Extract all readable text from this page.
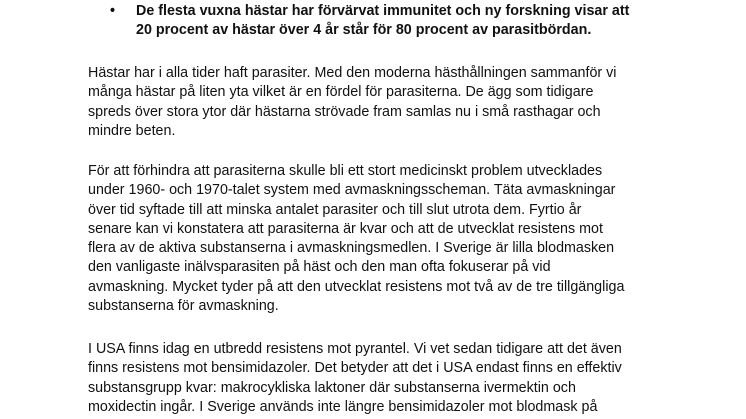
• De flesta vuxna hästar har förvärvat immunitet och ny forskning visar att
20 procent av hästar över 4 år står för 80 procent av parasitbördan.

Hästar har i alla tider haft parasiter. Med den moderna hästhållningen sammanför vi
många hästar på liten yta vilket är en fördel för parasiterna. De ägg som tidigare
spreds över stora ytor där hästarna strövade fram samlas nu i små rasthagar och
mindre beten.

För att förhindra att parasiterna skulle bli ett stort medicinskt problem utvecklades
under 1960- och 1970-talet system med avmaskningsscheman. Täta avmaskningar
över tid syftade till att minska antalet parasiter och till slut utrota dem. Fyrtio år
senare kan vi konstatera att parasiterna är kvar och att de utvecklat resistens mot
flera av de aktiva substanserna i avmaskningsmedlen. I Sverige är lilla blodmasken
den vanligaste inälvsparasiten på häst och den man ofta fokuserar på vid
avmaskning. Mycket tyder på att den utvecklat resistens mot två av de tre tillgängliga
substanserna för avmaskning.

I USA finns idag en utbredd resistens mot pyrantel. Vi vet sedan tidigare att det även
finns resistens mot bensimidazoler. Det betyder att det i USA endast finns en effektiv
substansgrupp kvar: makrocykliska laktoner där substanserna ivermektin och
moxidectin ingår. I Sverige används inte längre bensimidazoler mot blodmask på
